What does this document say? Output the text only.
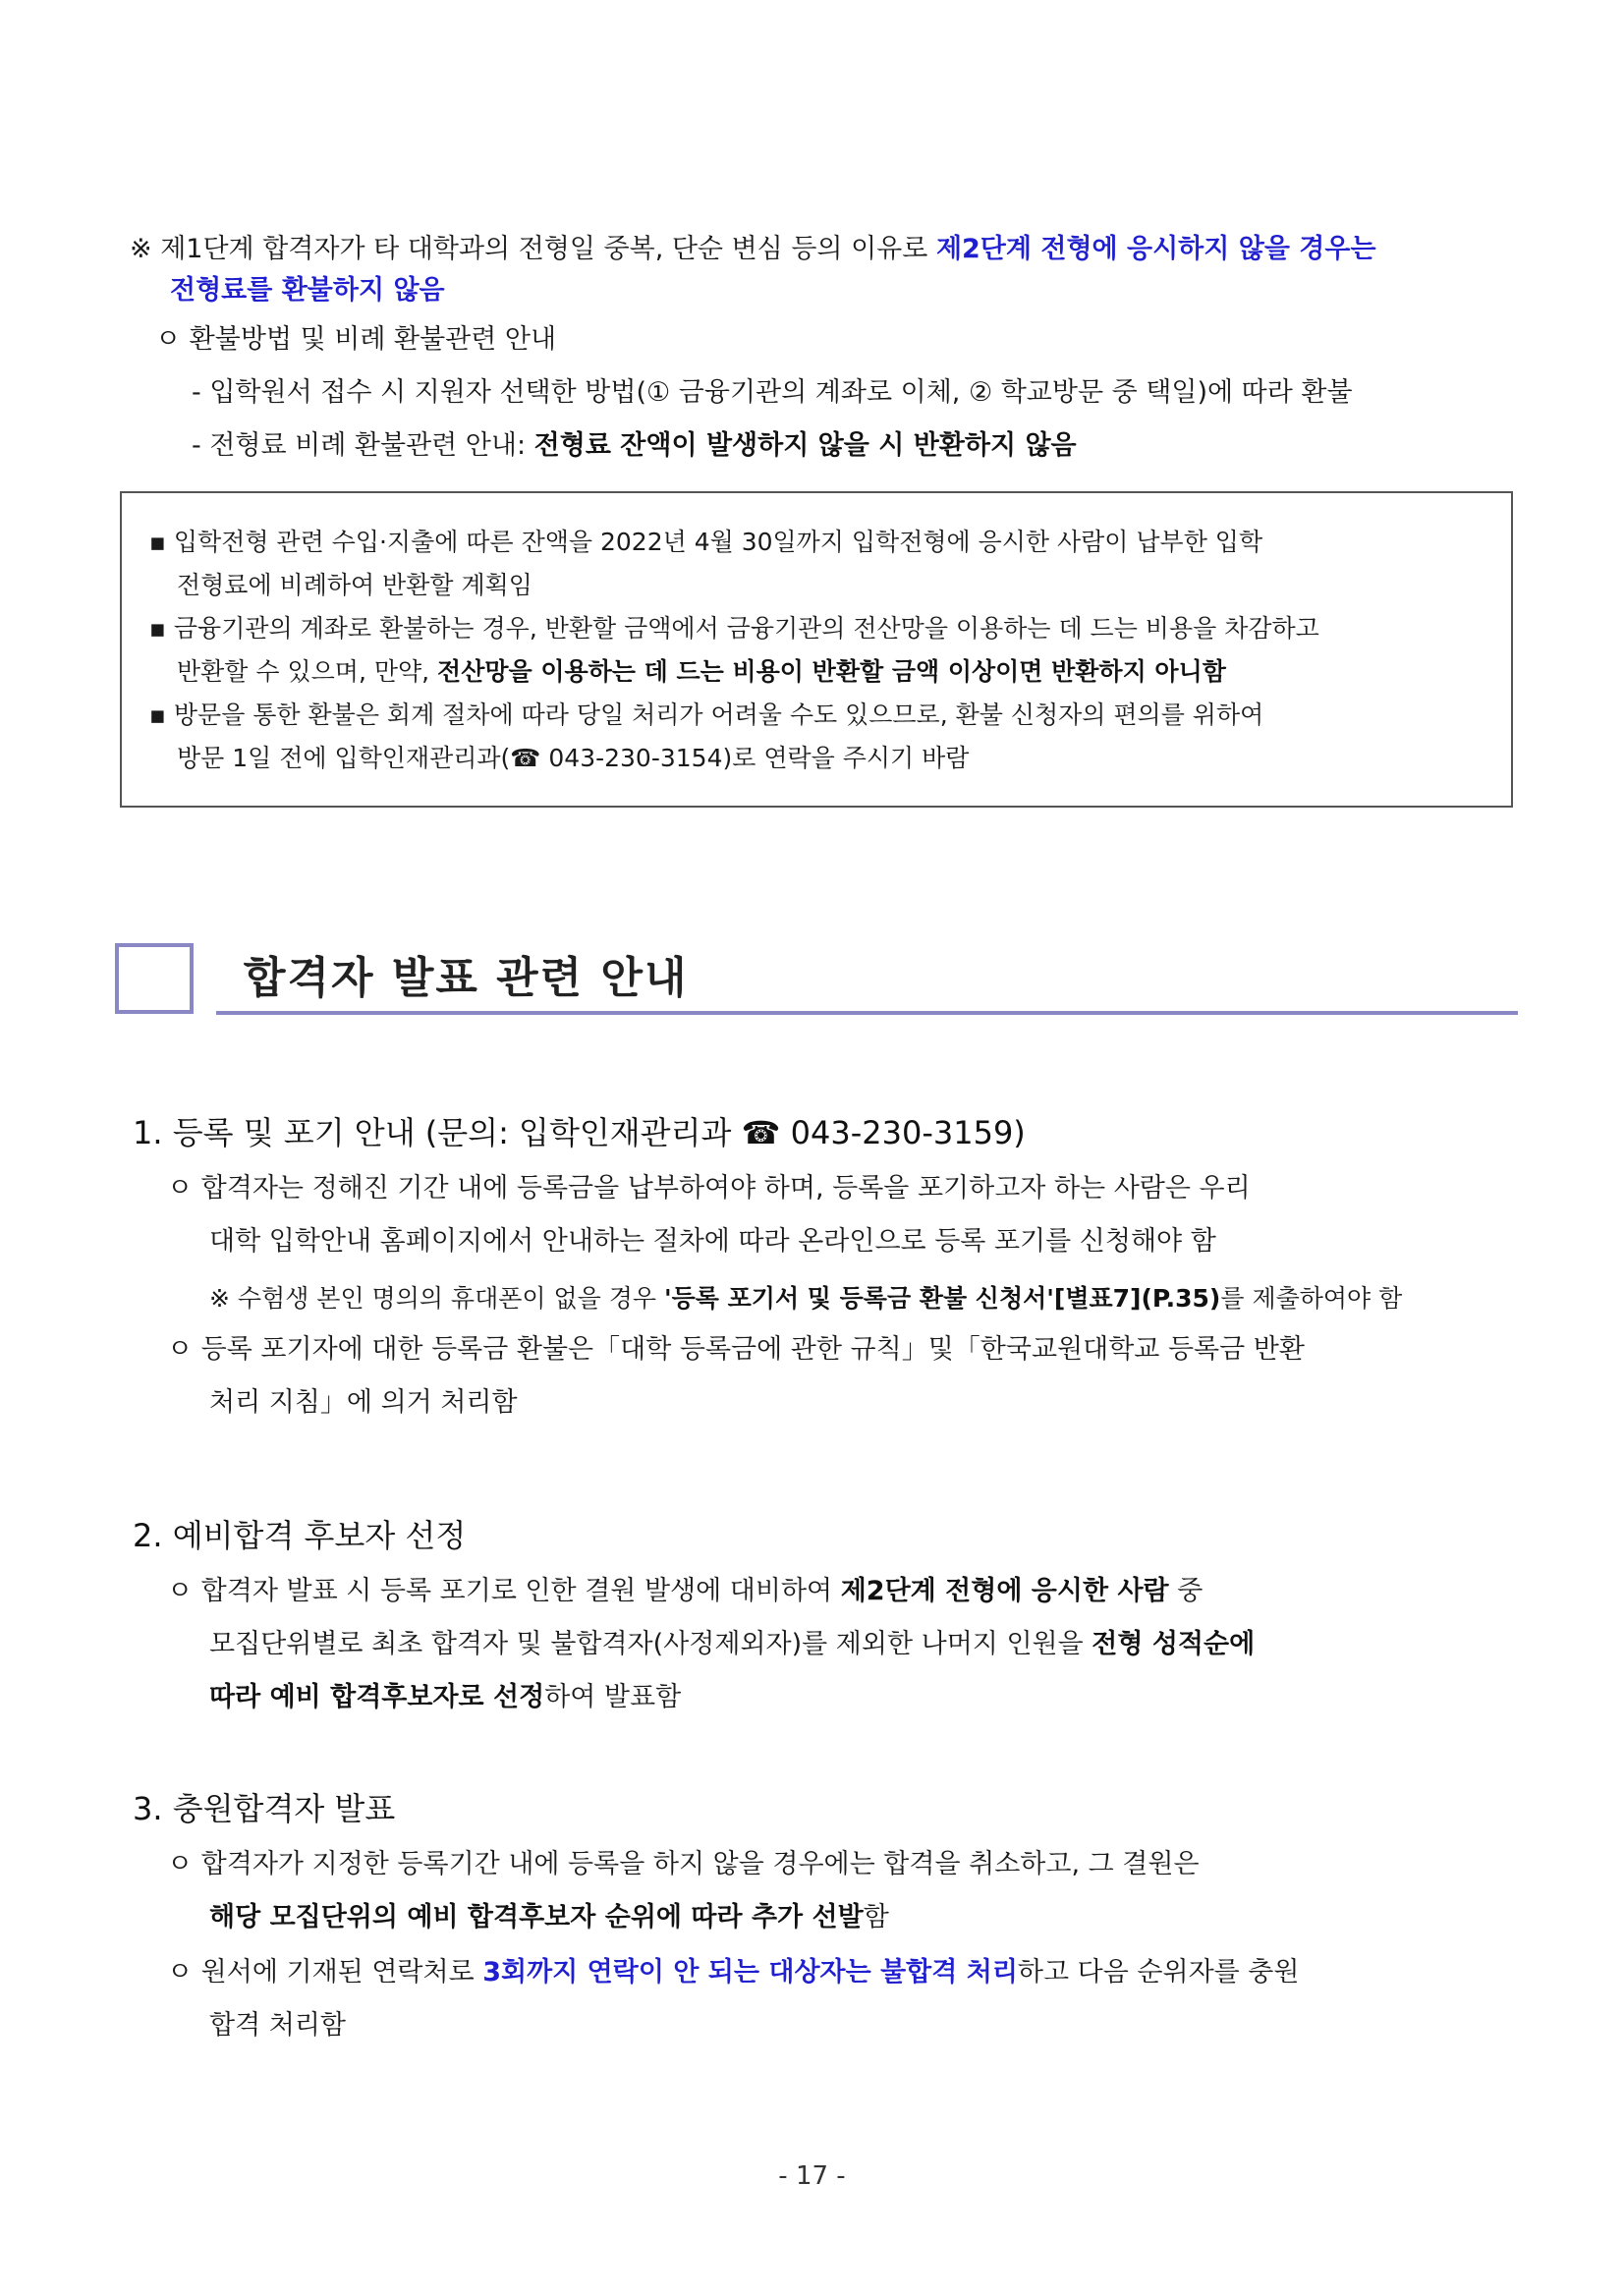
※ 제1단계 합격자가 타 대학과의 전형일 중복, 단순 변심 등의 이유로 제2단계 전형에 응시하지 않을 경우는
전형료를 환불하지 않음
ㅇ 환불방법 및 비례 환불관련 안내
- 입학원서 접수 시 지원자 선택한 방법(① 금융기관의 계좌로 이체, ② 학교방문 중 택일)에 따라 환불
- 전형료 비례 환불관련 안내: 전형료 잔액이 발생하지 않을 시 반환하지 않음
▪ 입학전형 관련 수입·지출에 따른 잔액을 2022년 4월 30일까지 입학전형에 응시한 사람이 납부한 입학
전형료에 비례하여 반환할 계획임
▪ 금융기관의 계좌로 환불하는 경우, 반환할 금액에서 금융기관의 전산망을 이용하는 데 드는 비용을 차감하고
반환할 수 있으며, 만약, 전산망을 이용하는 데 드는 비용이 반환할 금액 이상이면 반환하지 아니함
▪ 방문을 통한 환불은 회계 절차에 따라 당일 처리가 어려울 수도 있으므로, 환불 신청자의 편의를 위하여
방문 1일 전에 입학인재관리과(☎ 043-230-3154)로 연락을 주시기 바람
합격자 발표 관련 안내
1. 등록 및 포기 안내 (문의: 입학인재관리과 ☎ 043-230-3159)
ㅇ 합격자는 정해진 기간 내에 등록금을 납부하여야 하며, 등록을 포기하고자 하는 사람은 우리
대학 입학안내 홈페이지에서 안내하는 절차에 따라 온라인으로 등록 포기를 신청해야 함
※ 수험생 본인 명의의 휴대폰이 없을 경우 '등록 포기서 및 등록금 환불 신청서'[별표7](P.35)를 제출하여야 함
ㅇ 등록 포기자에 대한 등록금 환불은「대학 등록금에 관한 규칙」및「한국교원대학교 등록금 반환
처리 지침」에 의거 처리함
2. 예비합격 후보자 선정
ㅇ 합격자 발표 시 등록 포기로 인한 결원 발생에 대비하여 제2단계 전형에 응시한 사람 중
모집단위별로 최초 합격자 및 불합격자(사정제외자)를 제외한 나머지 인원을 전형 성적순에
따라 예비 합격후보자로 선정하여 발표함
3. 충원합격자 발표
ㅇ 합격자가 지정한 등록기간 내에 등록을 하지 않을 경우에는 합격을 취소하고, 그 결원은
해당 모집단위의 예비 합격후보자 순위에 따라 추가 선발함
ㅇ 원서에 기재된 연락처로 3회까지 연락이 안 되는 대상자는 불합격 처리하고 다음 순위자를 충원
합격 처리함
- 17 -
